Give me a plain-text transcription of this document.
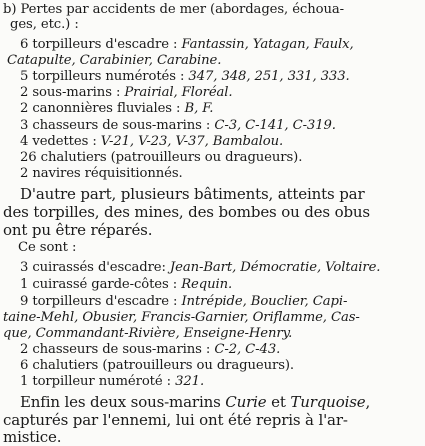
b) Pertes par accidents de mer (abordages, échoua-
ges, etc.) :
6 torpilleurs d'escadre : Fantassin, Yatagan, Faulx,
Catapulte, Carabinier, Carabine.
5 torpilleurs numérotés : 347, 348, 251, 331, 333.
2 sous-marins : Prairial, Floréal.
2 canonnières fluviales : B, F.
3 chasseurs de sous-marins : C-3, C-141, C-319.
4 vedettes : V-21, V-23, V-37, Bambalou.
26 chalutiers (patrouilleurs ou dragueurs).
2 navires réquisitionnés.
D'autre part, plusieurs bâtiments, atteints par
des torpilles, des mines, des bombes ou des obus
ont pu être réparés.
Ce sont :
3 cuirassés d'escadre: Jean-Bart, Démocratie, Voltaire.
1 cuirassé garde-côtes : Requin.
9 torpilleurs d'escadre : Intrépide, Bouclier, Capi-
taine-Mehl, Obusier, Francis-Garnier, Oriflamme, Cas-
que, Commandant-Rivière, Enseigne-Henry.
2 chasseurs de sous-marins : C-2, C-43.
6 chalutiers (patrouilleurs ou dragueurs).
1 torpilleur numéroté : 321.
Enfin les deux sous-marins Curie et Turquoise,
capturés par l'ennemi, lui ont été repris à l'ar-
mistice.
